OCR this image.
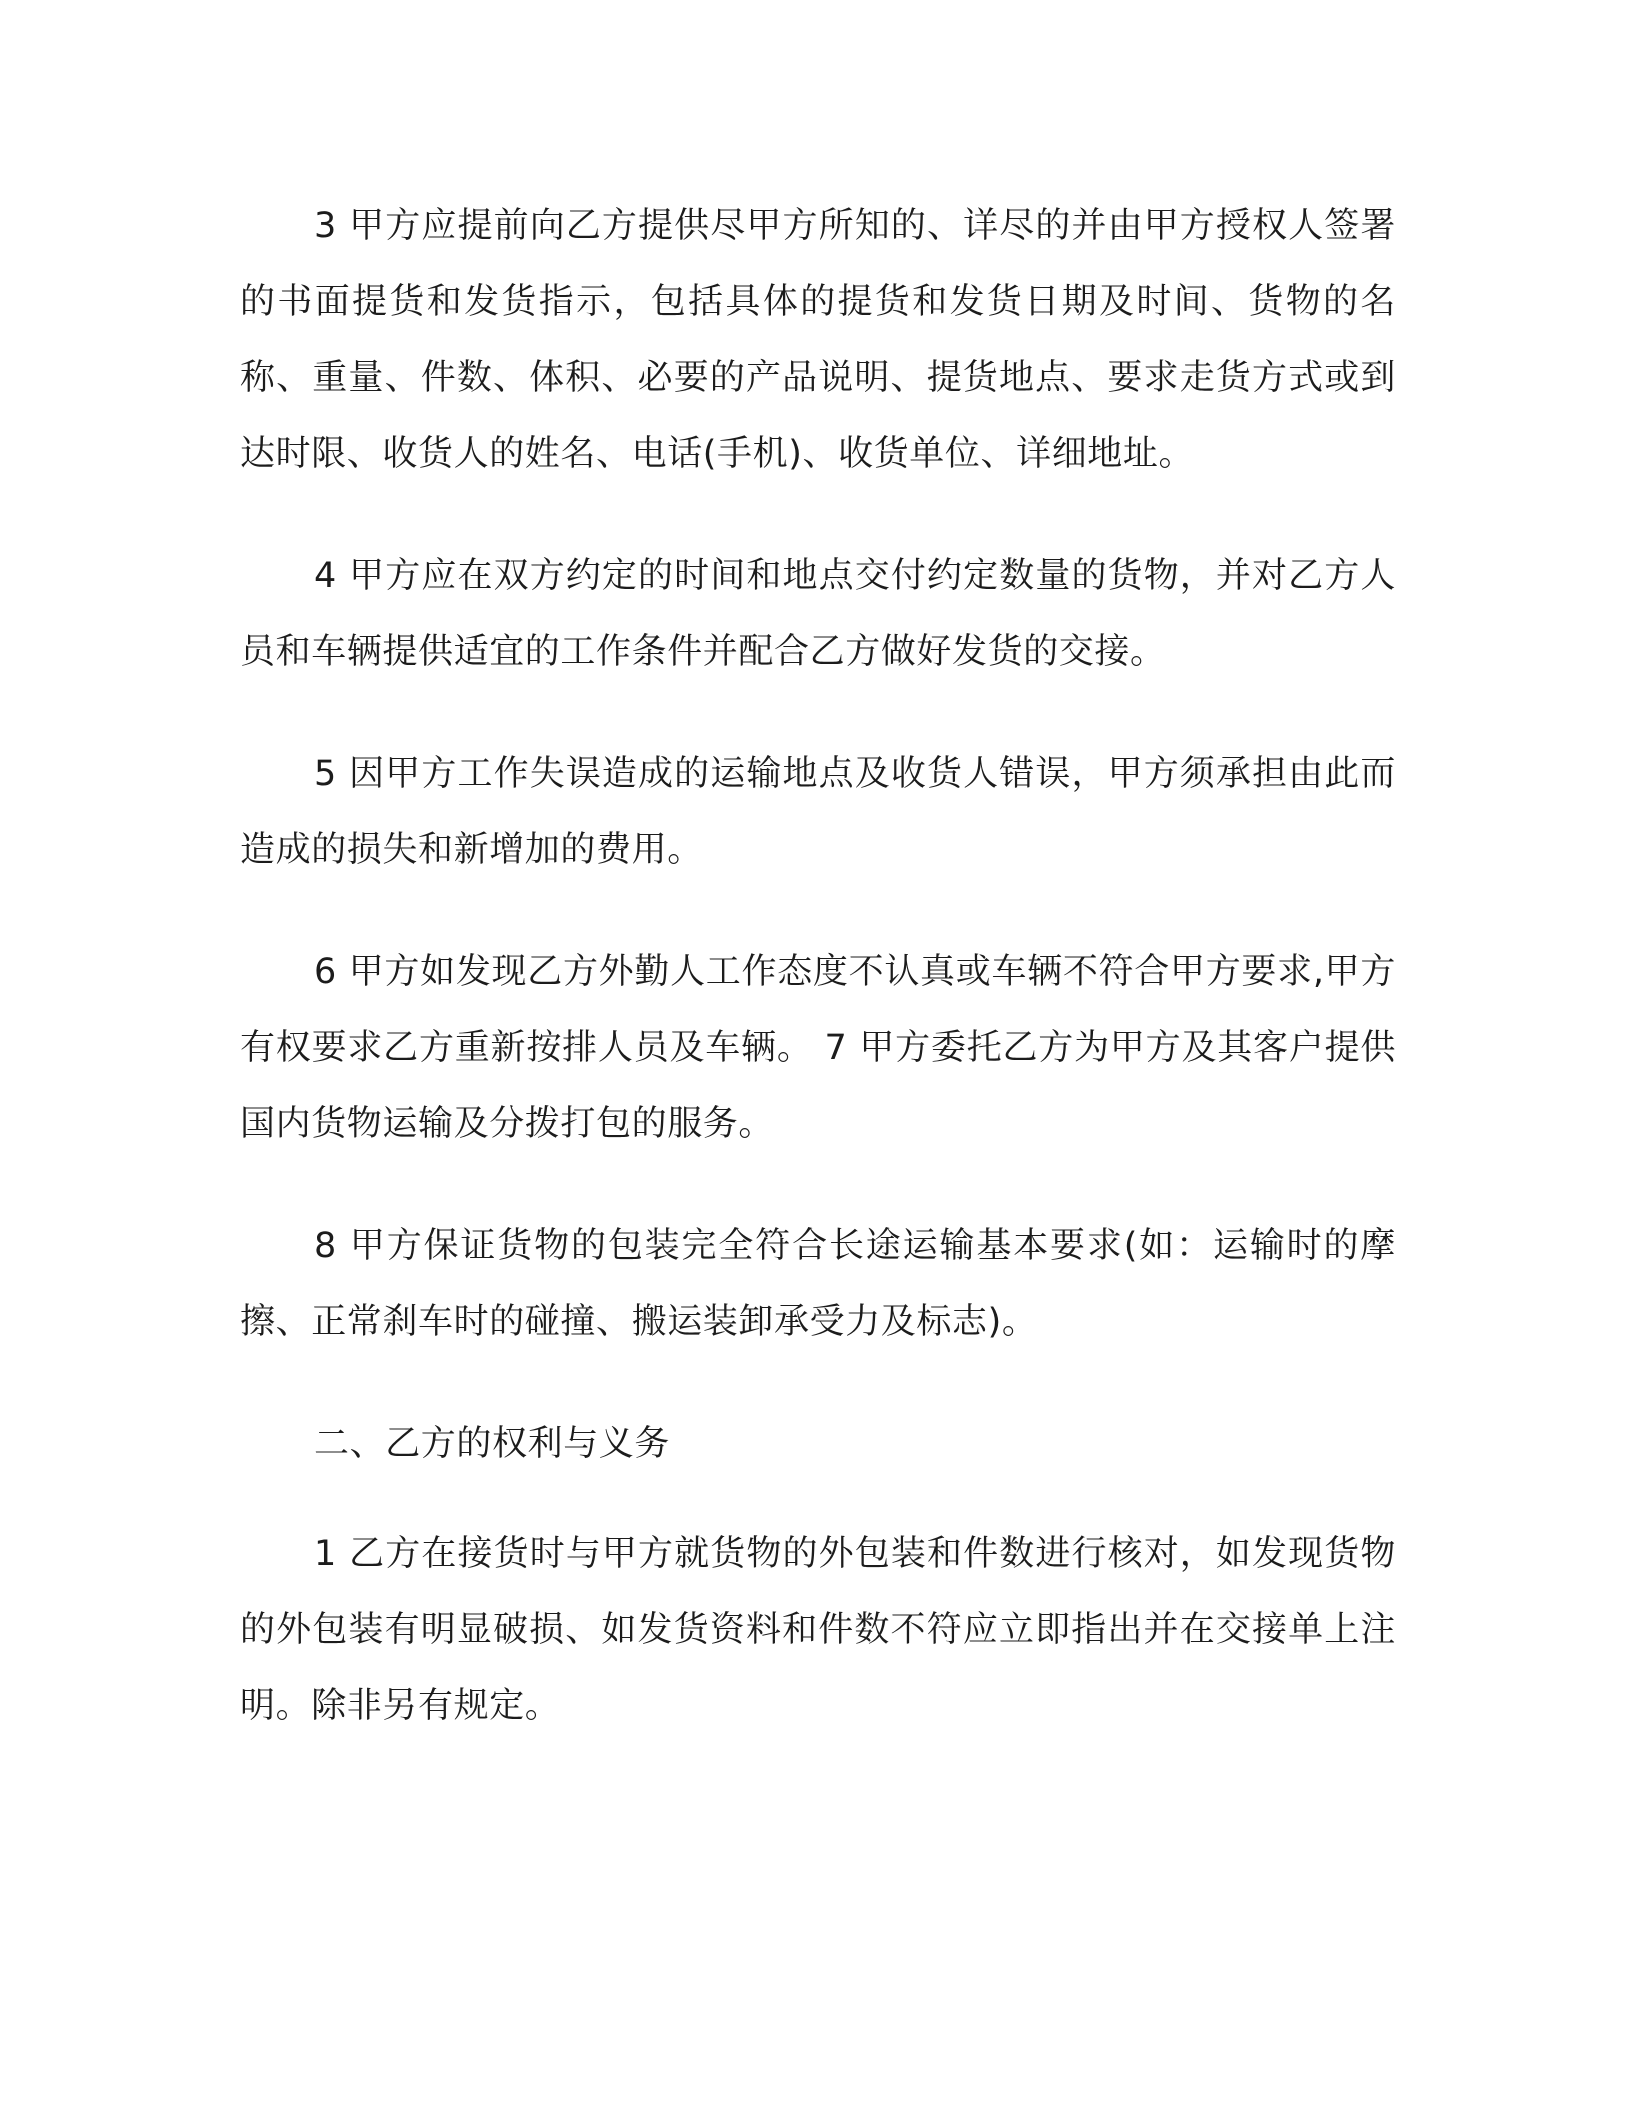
3 甲方应提前向乙方提供尽甲方所知的、详尽的并由甲方授权人签署的书面提货和发货指示，包括具体的提货和发货日期及时间、货物的名称、重量、件数、体积、必要的产品说明、提货地点、要求走货方式或到达时限、收货人的姓名、电话(手机)、收货单位、详细地址。

4 甲方应在双方约定的时间和地点交付约定数量的货物，并对乙方人员和车辆提供适宜的工作条件并配合乙方做好发货的交接。

5 因甲方工作失误造成的运输地点及收货人错误，甲方须承担由此而造成的损失和新增加的费用。

6 甲方如发现乙方外勤人工作态度不认真或车辆不符合甲方要求,甲方有权要求乙方重新按排人员及车辆。 7 甲方委托乙方为甲方及其客户提供国内货物运输及分拨打包的服务。

8 甲方保证货物的包装完全符合长途运输基本要求(如：运输时的摩擦、正常刹车时的碰撞、搬运装卸承受力及标志)。

二、乙方的权利与义务

1 乙方在接货时与甲方就货物的外包装和件数进行核对，如发现货物的外包装有明显破损、如发货资料和件数不符应立即指出并在交接单上注明。除非另有规定。
